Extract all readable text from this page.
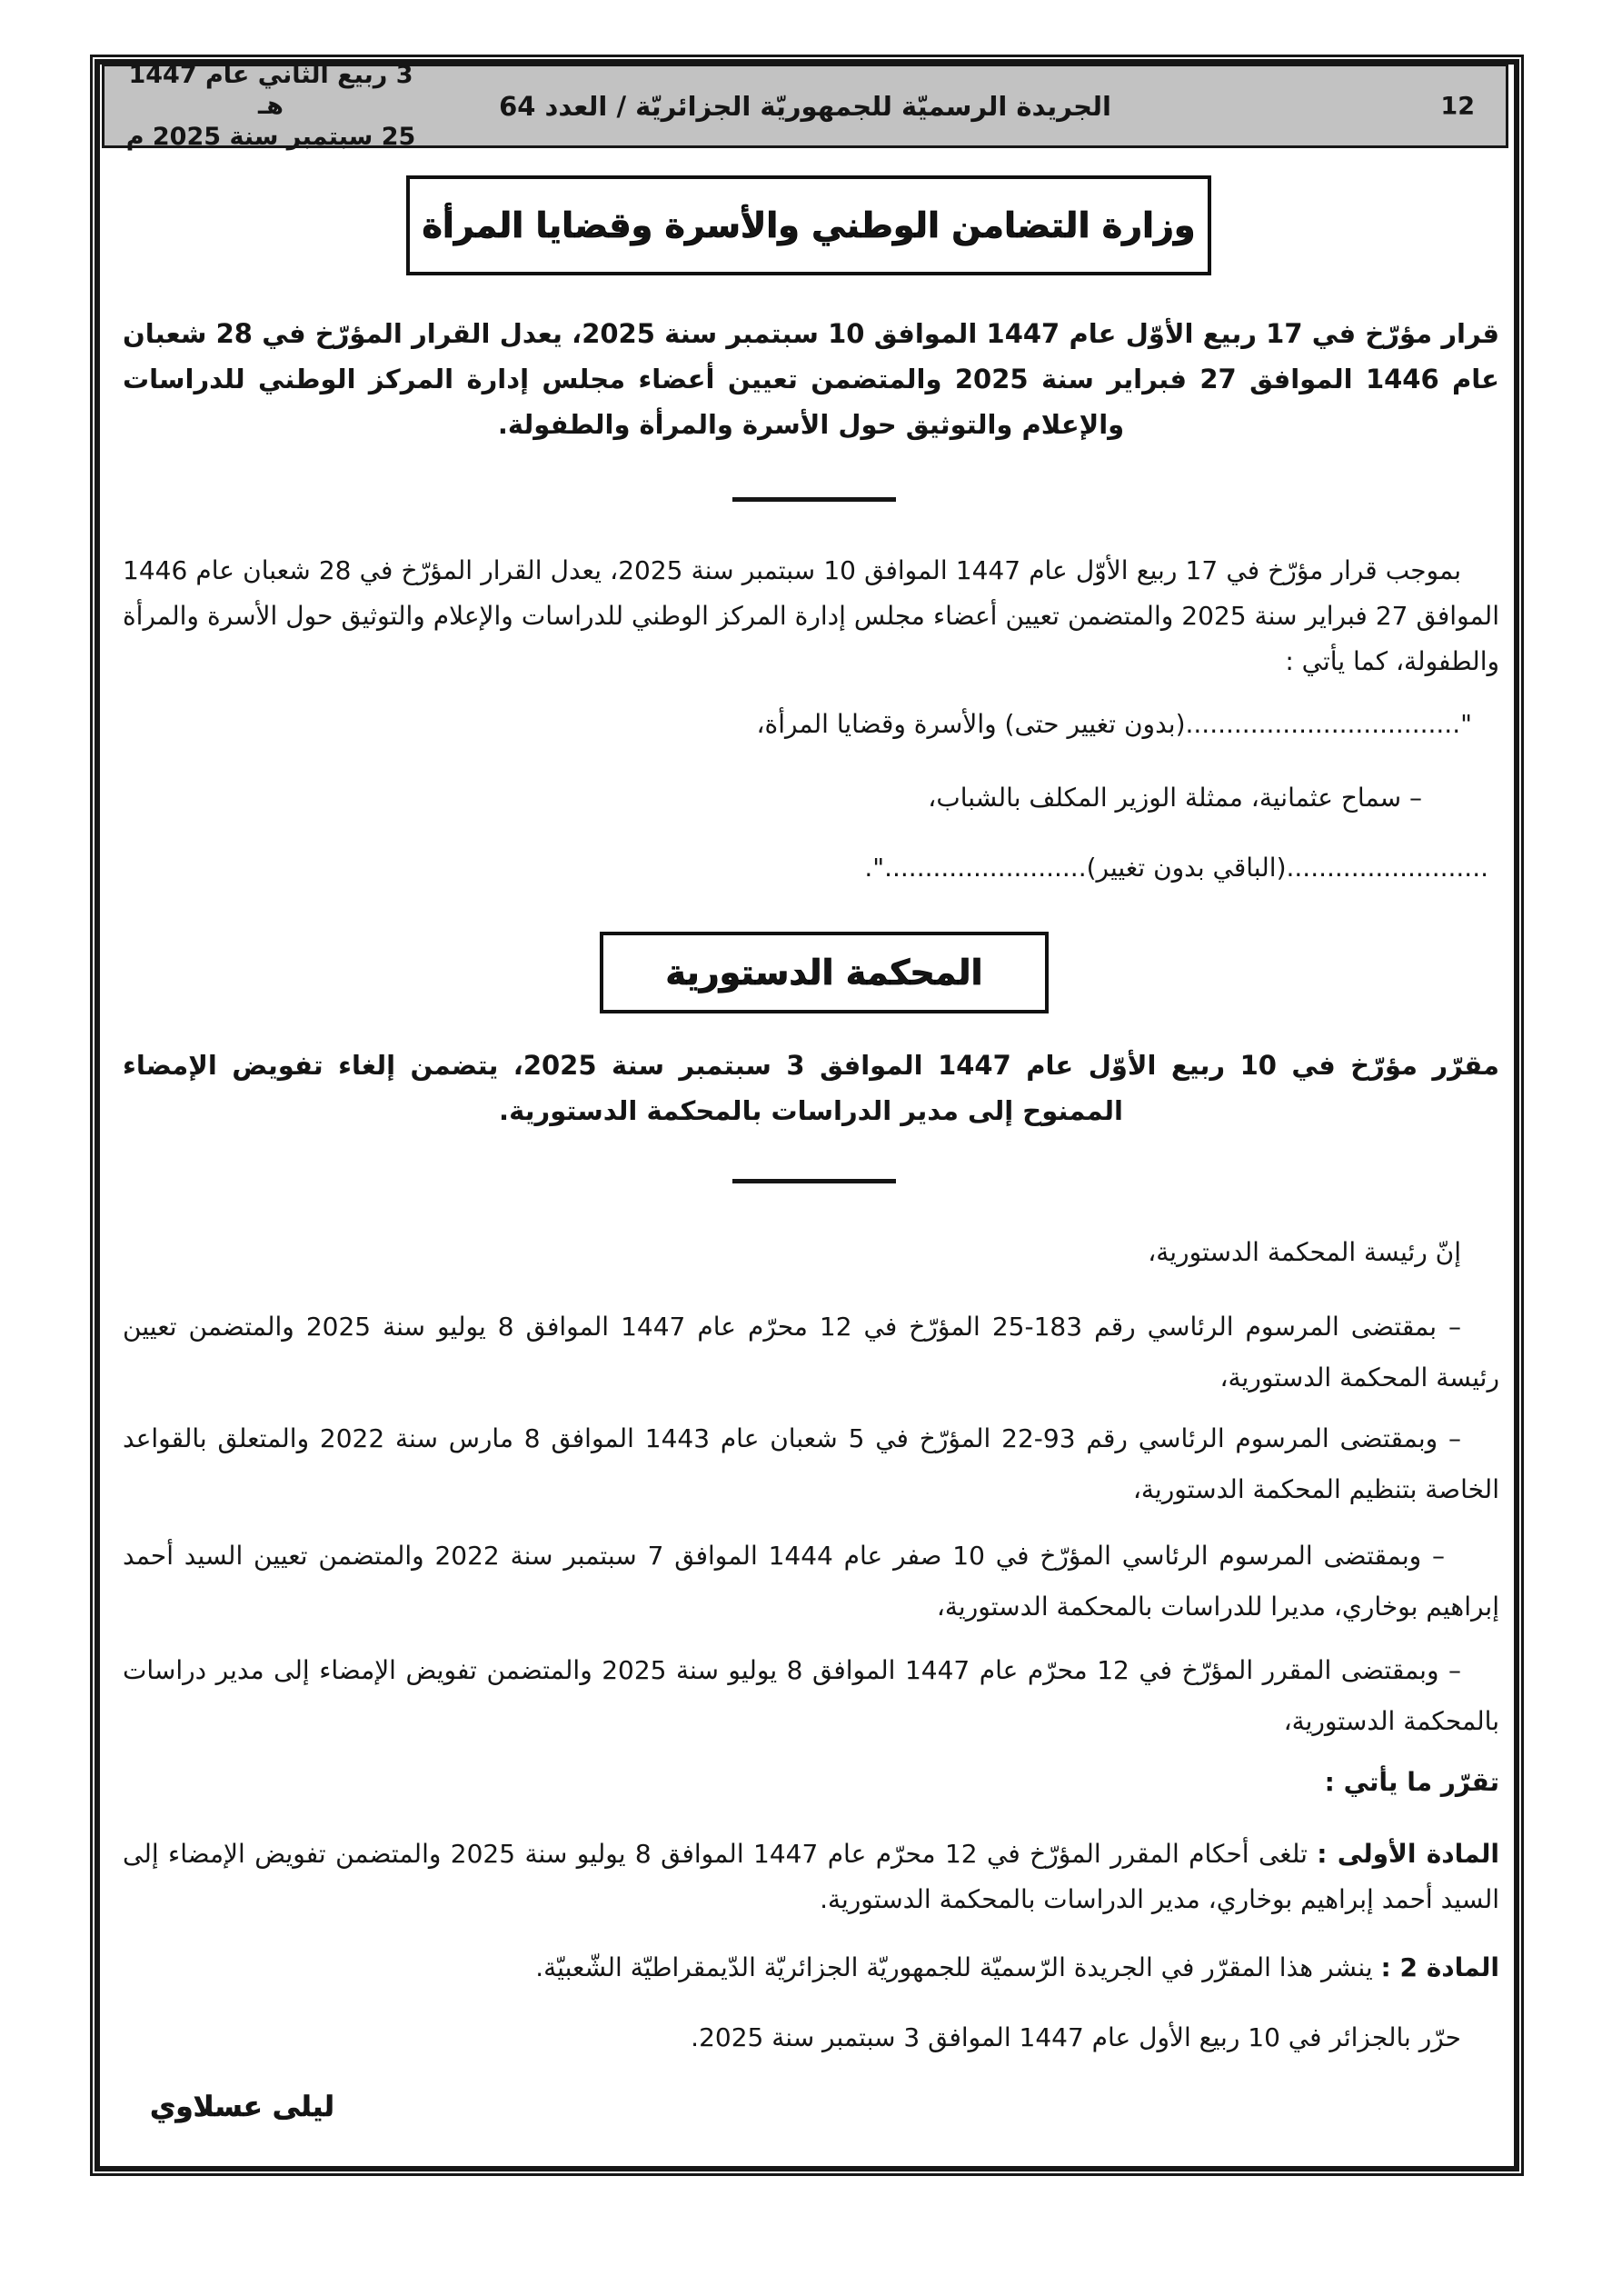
3 ربيع الثاني عام 1447 هـ
25 سبتمبر سنة 2025 م
الجريدة الرسميّة للجمهوريّة الجزائريّة / العدد 64	12
وزارة التضامن الوطني والأسرة وقضايا المرأة
قرار مؤرّخ في 17 ربيع الأوّل عام 1447 الموافق 10 سبتمبر سنة 2025، يعدل القرار المؤرّخ في 28 شعبان عام 1446 الموافق 27 فبراير سنة 2025 والمتضمن تعيين أعضاء مجلس إدارة المركز الوطني للدراسات والإعلام والتوثيق حول الأسرة والمرأة والطفولة.
بموجب قرار مؤرّخ في 17 ربيع الأوّل عام 1447 الموافق 10 سبتمبر سنة 2025، يعدل القرار المؤرّخ في 28 شعبان عام 1446 الموافق 27 فبراير سنة 2025 والمتضمن تعيين أعضاء مجلس إدارة المركز الوطني للدراسات والإعلام والتوثيق حول الأسرة والمرأة والطفولة، كما يأتي :
"..................................(بدون تغيير حتى) والأسرة وقضايا المرأة،
– سماح عثمانية، ممثلة الوزير المكلف بالشباب،
.........................(الباقي بدون تغيير).........................".
المحكمة الدستورية
مقرّر مؤرّخ في 10 ربيع الأوّل عام 1447 الموافق 3 سبتمبر سنة 2025، يتضمن إلغاء تفويض الإمضاء الممنوح إلى مدير الدراسات بالمحكمة الدستورية.
إنّ رئيسة المحكمة الدستورية،
– بمقتضى المرسوم الرئاسي رقم 183-25 المؤرّخ في 12 محرّم عام 1447 الموافق 8 يوليو سنة 2025 والمتضمن تعيين رئيسة المحكمة الدستورية،
– وبمقتضى المرسوم الرئاسي رقم 93-22 المؤرّخ في 5 شعبان عام 1443 الموافق 8 مارس سنة 2022 والمتعلق بالقواعد الخاصة بتنظيم المحكمة الدستورية،
– وبمقتضى المرسوم الرئاسي المؤرّخ في 10 صفر عام 1444 الموافق 7 سبتمبر سنة 2022 والمتضمن تعيين السيد أحمد إبراهيم بوخاري، مديرا للدراسات بالمحكمة الدستورية،
– وبمقتضى المقرر المؤرّخ في 12 محرّم عام 1447 الموافق 8 يوليو سنة 2025 والمتضمن تفويض الإمضاء إلى مدير دراسات بالمحكمة الدستورية،
تقرّر ما يأتي :
المادة الأولى : تلغى أحكام المقرر المؤرّخ في 12 محرّم عام 1447 الموافق 8 يوليو سنة 2025 والمتضمن تفويض الإمضاء إلى السيد أحمد إبراهيم بوخاري، مدير الدراسات بالمحكمة الدستورية.
المادة 2 : ينشر هذا المقرّر في الجريدة الرّسميّة للجمهوريّة الجزائريّة الدّيمقراطيّة الشّعبيّة.
حرّر بالجزائر في 10 ربيع الأول عام 1447 الموافق 3 سبتمبر سنة 2025.
ليلى عسلاوي
